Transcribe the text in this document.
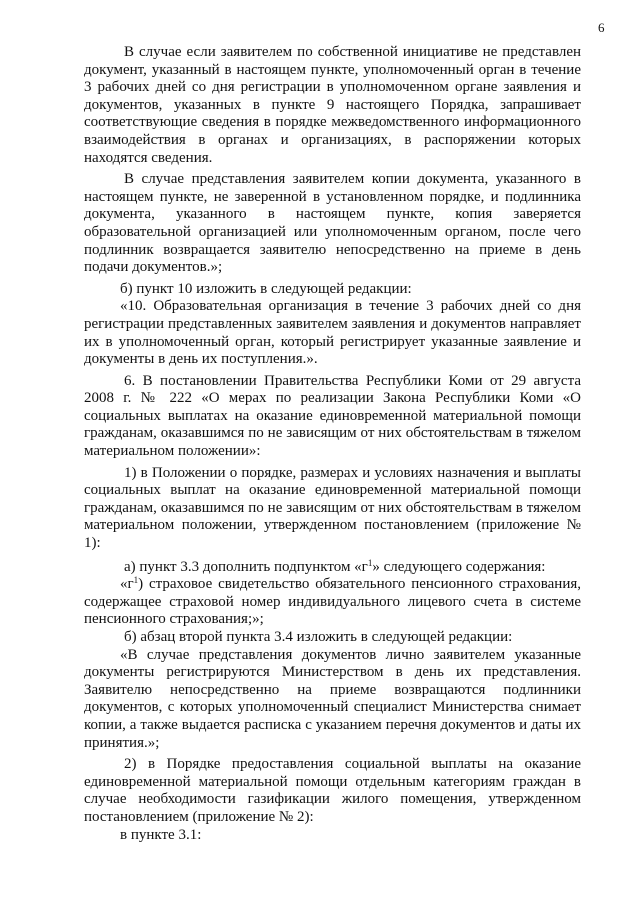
6

В случае если заявителем по собственной инициативе не представлен документ, указанный в настоящем пункте, уполномоченный орган в течение 3 рабочих дней со дня регистрации в уполномоченном органе заявления и документов, указанных в пункте 9 настоящего Порядка, запрашивает соответствующие сведения в порядке межведомственного информационного взаимодействия в органах и организациях, в распоряжении которых находятся сведения.

В случае представления заявителем копии документа, указанного в настоящем пункте, не заверенной в установленном порядке, и подлинника документа, указанного в настоящем пункте, копия заверяется образовательной организацией или уполномоченным органом, после чего подлинник возвращается заявителю непосредственно на приеме в день подачи документов.»;

б) пункт 10 изложить в следующей редакции:

«10. Образовательная организация в течение 3 рабочих дней со дня регистрации представленных заявителем заявления и документов направляет их в уполномоченный орган, который регистрирует указанные заявление и документы в день их поступления.».

6. В постановлении Правительства Республики Коми от 29 августа 2008 г. № 222 «О мерах по реализации Закона Республики Коми «О социальных выплатах на оказание единовременной материальной помощи гражданам, оказавшимся по не зависящим от них обстоятельствам в тяжелом материальном положении»:

1) в Положении о порядке, размерах и условиях назначения и выплаты социальных выплат на оказание единовременной материальной помощи гражданам, оказавшимся по не зависящим от них обстоятельствам в тяжелом материальном положении, утвержденном постановлением (приложение № 1):

а) пункт 3.3 дополнить подпунктом «$г^1$» следующего содержания:

«$г^1$) страховое свидетельство обязательного пенсионного страхования, содержащее страховой номер индивидуального лицевого счета в системе пенсионного страхования;»;

б) абзац второй пункта 3.4 изложить в следующей редакции:

«В случае представления документов лично заявителем указанные документы регистрируются Министерством в день их представления. Заявителю непосредственно на приеме возвращаются подлинники документов, с которых уполномоченный специалист Министерства снимает копии, а также выдается расписка с указанием перечня документов и даты их принятия.»;

2) в Порядке предоставления социальной выплаты на оказание единовременной материальной помощи отдельным категориям граждан в случае необходимости газификации жилого помещения, утвержденном постановлением (приложение № 2):

в пункте 3.1:
